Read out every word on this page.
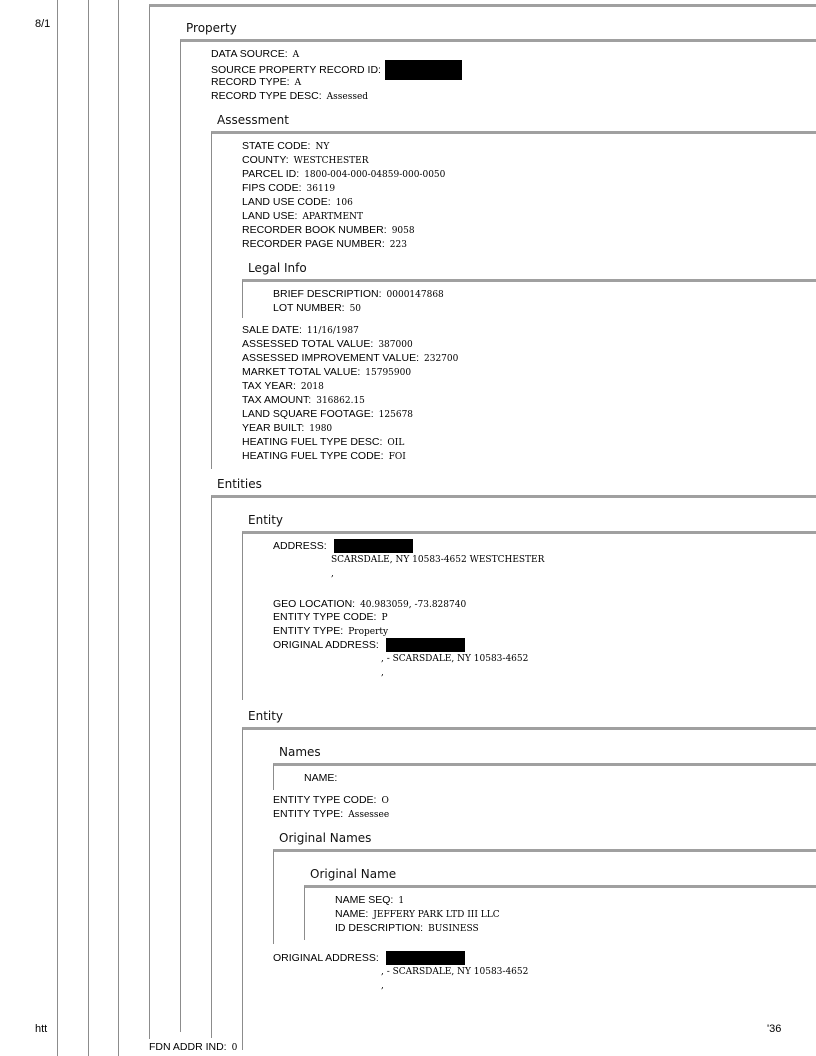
8/1
htt	'36
Property
DATA SOURCE: A
SOURCE PROPERTY RECORD ID:
RECORD TYPE: A
RECORD TYPE DESC: Assessed
Assessment
STATE CODE: NY
COUNTY: WESTCHESTER
PARCEL ID: 1800-004-000-04859-000-0050
FIPS CODE: 36119
LAND USE CODE: 106
LAND USE: APARTMENT
RECORDER BOOK NUMBER: 9058
RECORDER PAGE NUMBER: 223
Legal Info
BRIEF DESCRIPTION: 0000147868
LOT NUMBER: 50
SALE DATE: 11/16/1987
ASSESSED TOTAL VALUE: 387000
ASSESSED IMPROVEMENT VALUE: 232700
MARKET TOTAL VALUE: 15795900
TAX YEAR: 2018
TAX AMOUNT: 316862.15
LAND SQUARE FOOTAGE: 125678
YEAR BUILT: 1980
HEATING FUEL TYPE DESC: OIL
HEATING FUEL TYPE CODE: FOI
Entities
Entity
ADDRESS:
SCARSDALE, NY 10583-4652 WESTCHESTER
,
GEO LOCATION: 40.983059, -73.828740
ENTITY TYPE CODE: P
ENTITY TYPE: Property
ORIGINAL ADDRESS:
, - SCARSDALE, NY 10583-4652
,
Entity
Names
NAME:
ENTITY TYPE CODE: O
ENTITY TYPE: Assessee
Original Names
Original Name
NAME SEQ: 1
NAME: JEFFERY PARK LTD III LLC
ID DESCRIPTION: BUSINESS
ORIGINAL ADDRESS:
, - SCARSDALE, NY 10583-4652
,
FDN ADDR IND: 0
